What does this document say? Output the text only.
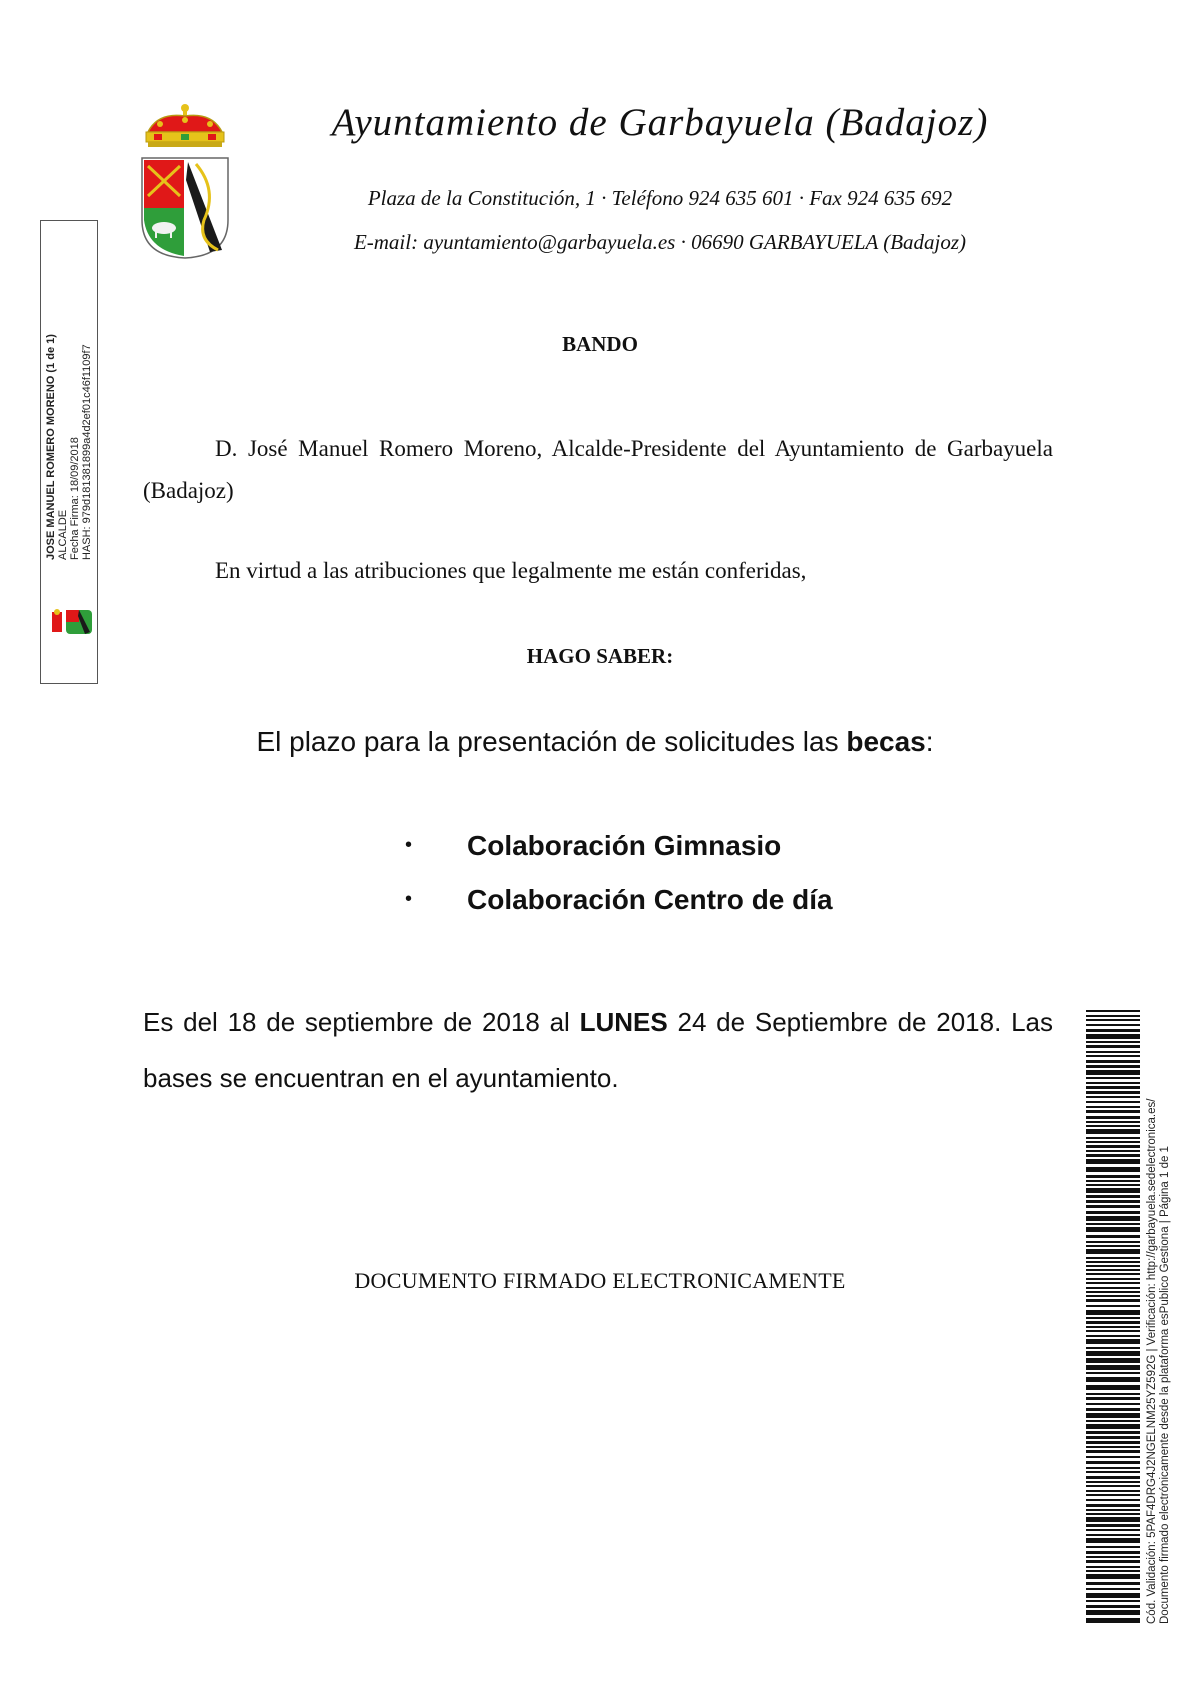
Ayuntamiento de Garbayuela (Badajoz)
Plaza de la Constitución, 1 · Teléfono 924 635 601 · Fax 924 635 692
E-mail: ayuntamiento@garbayuela.es · 06690 GARBAYUELA (Badajoz)
JOSE MANUEL ROMERO MORENO (1 de 1) ALCALDE Fecha Firma: 18/09/2018 HASH: 979d181381899a4d2ef01c46f1109f7
BANDO
D. José Manuel Romero Moreno, Alcalde-Presidente del Ayuntamiento de Garbayuela (Badajoz)
En virtud a las atribuciones que legalmente me están conferidas,
HAGO SABER:
El plazo para la presentación de solicitudes las becas:
• Colaboración Gimnasio
• Colaboración Centro de día
Es del 18 de septiembre de 2018 al LUNES 24 de Septiembre de 2018. Las bases se encuentran en el ayuntamiento.
DOCUMENTO FIRMADO ELECTRONICAMENTE	Cód. Validación: 5PAF4DRG4J2NGELNM25YZ592G | Verificación: http://garbayuela.sedelectronica.es/ Documento firmado electrónicamente desde la plataforma esPublico Gestiona | Página 1 de 1
